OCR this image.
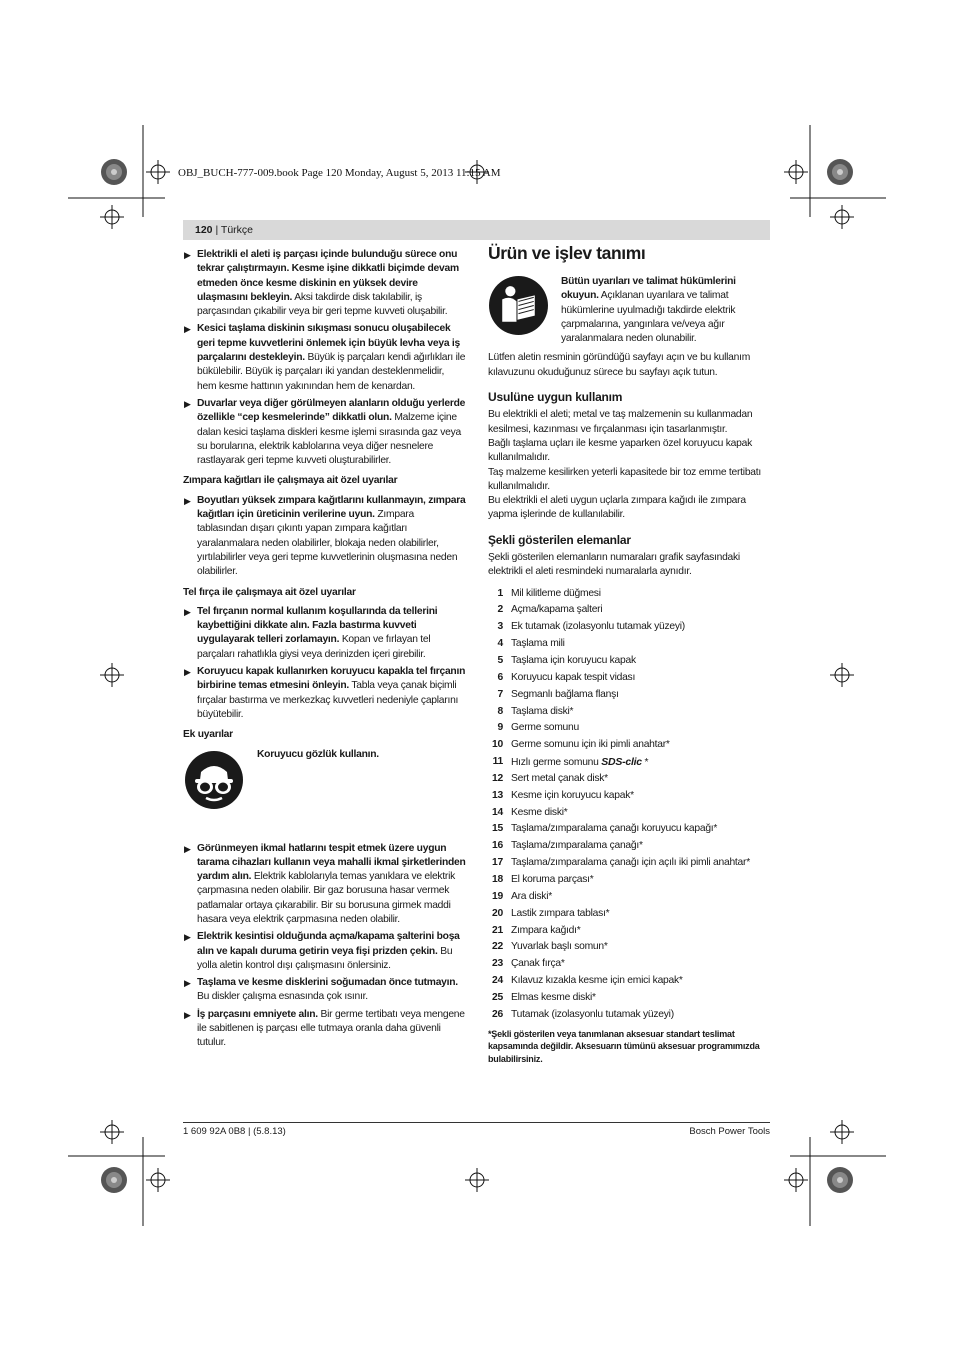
OBJ_BUCH-777-009.book Page 120 Monday, August 5, 2013 11:15 AM
120 | Türkçe
▶ Elektrikli el aleti iş parçası içinde bulunduğu sürece onu tekrar çalıştırmayın. Kesme işine dikkatli biçimde devam etmeden önce kesme diskinin en yüksek devire ulaşmasını bekleyin. Aksi takdirde disk takılabilir, iş parçasından çıkabilir veya bir geri tepme kuvveti oluşabilir.
▶ Kesici taşlama diskinin sıkışması sonucu oluşabilecek geri tepme kuvvetlerini önlemek için büyük levha veya iş parçalarını destekleyin. Büyük iş parçaları kendi ağırlıkları ile bükülebilir. Büyük iş parçaları iki yandan desteklenmelidir, hem kesme hattının yakınından hem de kenardan.
▶ Duvarlar veya diğer görülmeyen alanların olduğu yerlerde özellikle “cep kesmelerinde” dikkatli olun. Malzeme içine dalan kesici taşlama diskleri kesme işlemi sırasında gaz veya su borularına, elektrik kablolarına veya diğer nesnelere rastlayarak geri tepme kuvveti oluşturabilirler.
Zımpara kağıtları ile çalışmaya ait özel uyarılar
▶ Boyutları yüksek zımpara kağıtlarını kullanmayın, zımpara kağıtları için üreticinin verilerine uyun. Zımpara tablasından dışarı çıkıntı yapan zımpara kağıtları yaralanmalara neden olabilirler, blokaja neden olabilirler, yırtılabilirler veya geri tepme kuvvetlerinin oluşmasına neden olabilirler.
Tel fırça ile çalışmaya ait özel uyarılar
▶ Tel fırçanın normal kullanım koşullarında da tellerini kaybettiğini dikkate alın. Fazla bastırma kuvveti uygulayarak telleri zorlamayın. Kopan ve fırlayan tel parçaları rahatlıkla giysi veya derinizden içeri girebilir.
▶ Koruyucu kapak kullanırken koruyucu kapakla tel fırçanın birbirine temas etmesini önleyin. Tabla veya çanak biçimli fırçalar bastırma ve merkezkaç kuvvetleri nedeniyle çaplarını büyütebilir.
Ek uyarılar
Koruyucu gözlük kullanın.
▶ Görünmeyen ikmal hatlarını tespit etmek üzere uygun tarama cihazları kullanın veya mahalli ikmal şirketlerinden yardım alın. Elektrik kablolarıyla temas yanıklara ve elektrik çarpmasına neden olabilir. Bir gaz borusuna hasar vermek patlamalar ortaya çıkarabilir. Bir su borusuna girmek maddi hasara veya elektrik çarpmasına neden olabilir.
▶ Elektrik kesintisi olduğunda açma/kapama şalterini boşa alın ve kapalı duruma getirin veya fişi prizden çekin. Bu yolla aletin kontrol dışı çalışmasını önlersiniz.
▶ Taşlama ve kesme disklerini soğumadan önce tutmayın. Bu diskler çalışma esnasında çok ısınır.
▶ İş parçasını emniyete alın. Bir germe tertibatı veya mengene ile sabitlenen iş parçası elle tutmaya oranla daha güvenli tutulur.
Ürün ve işlev tanımı
Bütün uyarıları ve talimat hükümlerini okuyun. Açıklanan uyarılara ve talimat hükümlerine uyulmadığı takdirde elektrik çarpmalarına, yangınlara ve/veya ağır yaralanmalara neden olunabilir.
Lütfen aletin resminin göründüğü sayfayı açın ve bu kullanım kılavuzunu okuduğunuz sürece bu sayfayı açık tutun.
Usulüne uygun kullanım
Bu elektrikli el aleti; metal ve taş malzemenin su kullanmadan kesilmesi, kazınması ve fırçalanması için tasarlanmıştır.
Bağlı taşlama uçları ile kesme yaparken özel koruyucu kapak kullanılmalıdır.
Taş malzeme kesilirken yeterli kapasitede bir toz emme tertibatı kullanılmalıdır.
Bu elektrikli el aleti uygun uçlarla zımpara kağıdı ile zımpara yapma işlerinde de kullanılabilir.
Şekli gösterilen elemanlar
Şekli gösterilen elemanların numaraları grafik sayfasındaki elektrikli el aleti resmindeki numaralarla aynıdır.
1 Mil kilitleme düğmesi
2 Açma/kapama şalteri
3 Ek tutamak (izolasyonlu tutamak yüzeyi)
4 Taşlama mili
5 Taşlama için koruyucu kapak
6 Koruyucu kapak tespit vidası
7 Segmanlı bağlama flanşı
8 Taşlama diski*
9 Germe somunu
10 Germe somunu için iki pimli anahtar*
11 Hızlı germe somunu SDS-clic *
12 Sert metal çanak disk*
13 Kesme için koruyucu kapak*
14 Kesme diski*
15 Taşlama/zımparalama çanağı koruyucu kapağı*
16 Taşlama/zımparalama çanağı*
17 Taşlama/zımparalama çanağı için açılı iki pimli anahtar*
18 El koruma parçası*
19 Ara diski*
20 Lastik zımpara tablası*
21 Zımpara kağıdı*
22 Yuvarlak başlı somun*
23 Çanak fırça*
24 Kılavuz kızakla kesme için emici kapak*
25 Elmas kesme diski*
26 Tutamak (izolasyonlu tutamak yüzeyi)
*Şekli gösterilen veya tanımlanan aksesuar standart teslimat kapsamında değildir. Aksesuarın tümünü aksesuar programımızda bulabilirsiniz.
1 609 92A 0B8 | (5.8.13)	Bosch Power Tools
